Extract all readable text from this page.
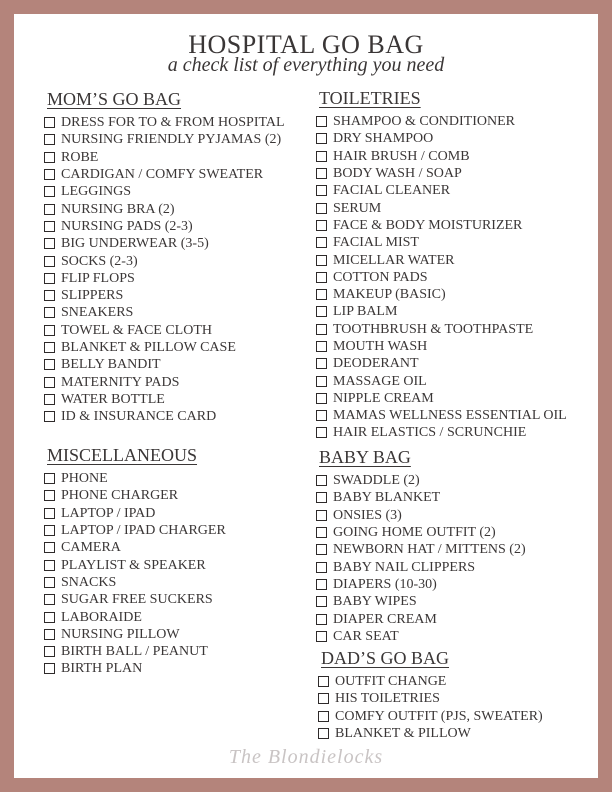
HOSPITAL GO BAG
a check list of everything you need
MOM’S GO BAG
DRESS FOR TO & FROM HOSPITAL
NURSING FRIENDLY PYJAMAS (2)
ROBE
CARDIGAN / COMFY SWEATER
LEGGINGS
NURSING BRA (2)
NURSING PADS (2-3)
BIG UNDERWEAR (3-5)
SOCKS (2-3)
FLIP FLOPS
SLIPPERS
SNEAKERS
TOWEL & FACE CLOTH
BLANKET & PILLOW CASE
BELLY BANDIT
MATERNITY PADS
WATER BOTTLE
ID & INSURANCE CARD
MISCELLANEOUS
PHONE
PHONE CHARGER
LAPTOP / IPAD
LAPTOP / IPAD CHARGER
CAMERA
PLAYLIST & SPEAKER
SNACKS
SUGAR FREE SUCKERS
LABORAIDE
NURSING PILLOW
BIRTH BALL / PEANUT
BIRTH PLAN
TOILETRIES
SHAMPOO & CONDITIONER
DRY SHAMPOO
HAIR BRUSH / COMB
BODY WASH / SOAP
FACIAL CLEANER
SERUM
FACE & BODY MOISTURIZER
FACIAL MIST
MICELLAR WATER
COTTON PADS
MAKEUP (BASIC)
LIP BALM
TOOTHBRUSH & TOOTHPASTE
MOUTH WASH
DEODERANT
MASSAGE OIL
NIPPLE CREAM
MAMAS WELLNESS ESSENTIAL OIL
HAIR ELASTICS / SCRUNCHIE
BABY BAG
SWADDLE (2)
BABY BLANKET
ONSIES (3)
GOING HOME OUTFIT (2)
NEWBORN HAT / MITTENS (2)
BABY NAIL CLIPPERS
DIAPERS (10-30)
BABY WIPES
DIAPER CREAM
CAR SEAT
DAD’S GO BAG
OUTFIT CHANGE
HIS TOILETRIES
COMFY OUTFIT (PJS, SWEATER)
BLANKET & PILLOW
The Blondielocks
